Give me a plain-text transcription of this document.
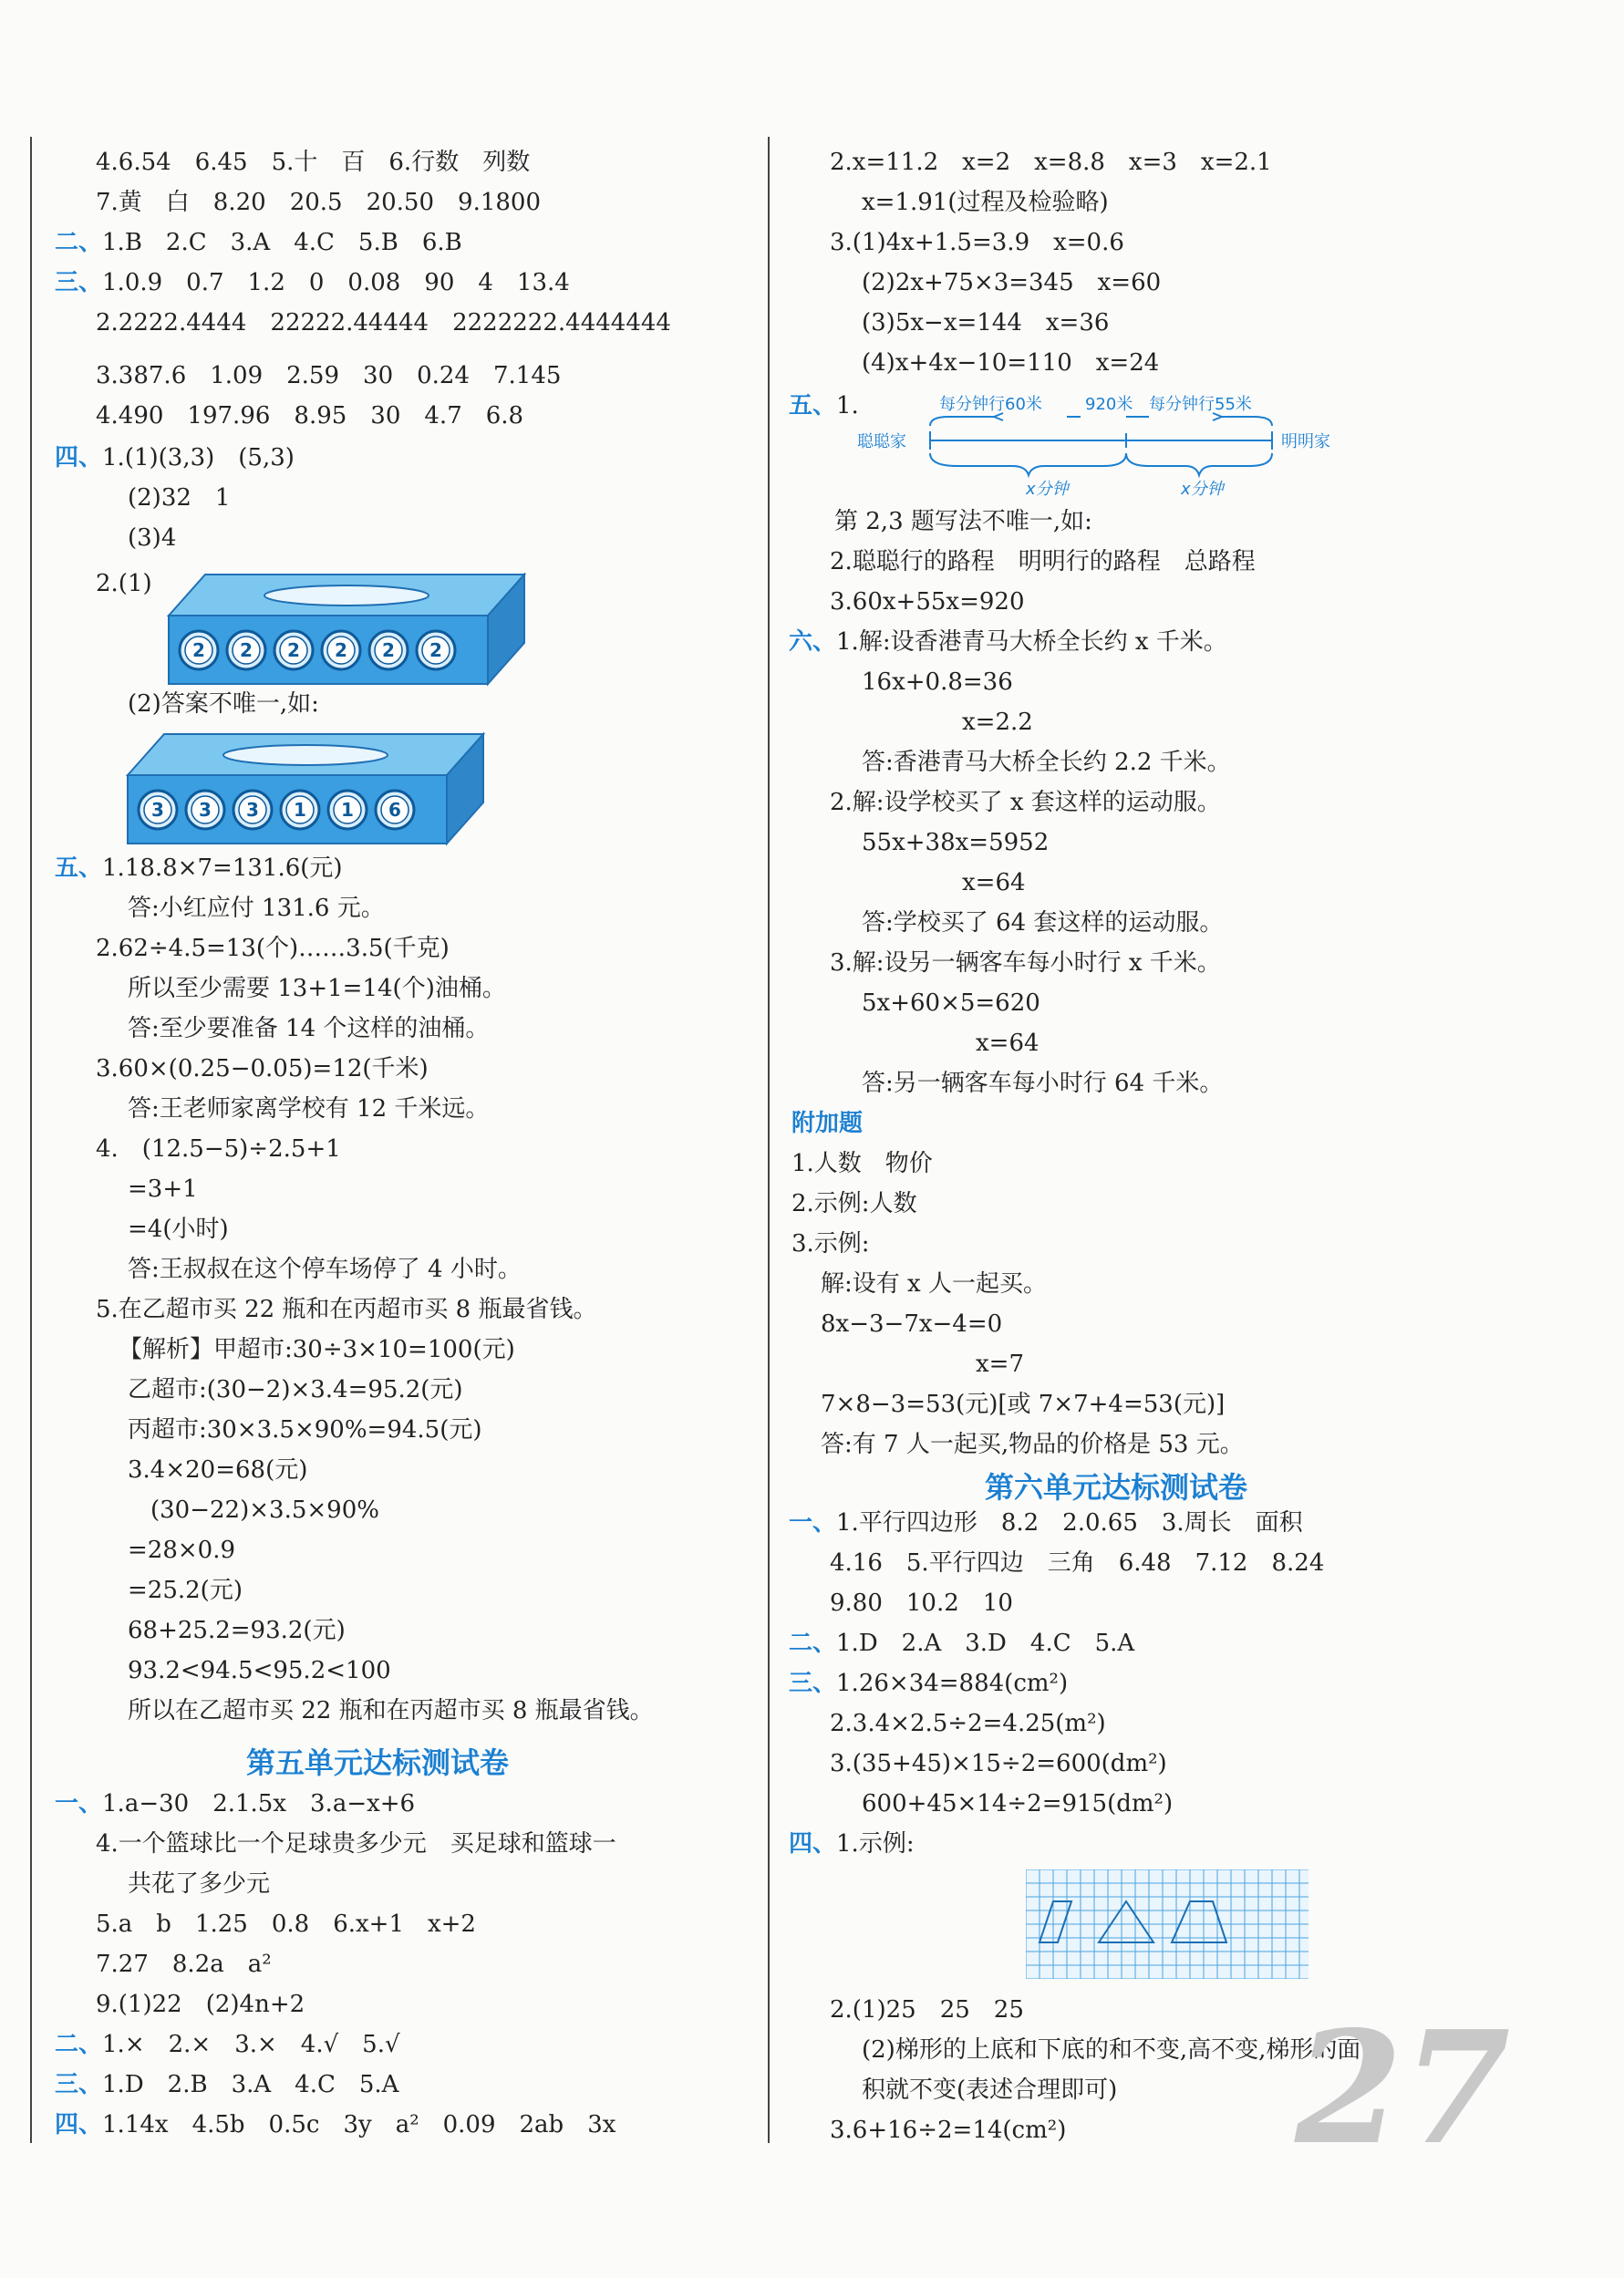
4.6.54　6.45　5.十　百　6.行数　列数
7.黄　白　8.20　20.5　20.50　9.1800
二、1.B　2.C　3.A　4.C　5.B　6.B
三、1.0.9　0.7　1.2　0　0.08　90　4　13.4
2.2222.4444　22222.44444　2222222.4444444
3.387.6　1.09　2.59　30　0.24　7.145
4.490　197.96　8.95　30　4.7　6.8
四、1.(1)(3,3)　(5,3)
(2)32　1
(3)4
2.(1)
2 2 2 2 2 2
(2)答案不唯一,如:
3 3 3 1 1 6
五、1.18.8×7=131.6(元)
答:小红应付 131.6 元。
2.62÷4.5=13(个)……3.5(千克)
所以至少需要 13+1=14(个)油桶。
答:至少要准备 14 个这样的油桶。
3.60×(0.25−0.05)=12(千米)
答:王老师家离学校有 12 千米远。
4.　(12.5−5)÷2.5+1
=3+1
=4(小时)
答:王叔叔在这个停车场停了 4 小时。
5.在乙超市买 22 瓶和在丙超市买 8 瓶最省钱。
【解析】甲超市:30÷3×10=100(元)
乙超市:(30−2)×3.4=95.2(元)
丙超市:30×3.5×90%=94.5(元)
3.4×20=68(元)
(30−22)×3.5×90%
=28×0.9
=25.2(元)
68+25.2=93.2(元)
93.2<94.5<95.2<100
所以在乙超市买 22 瓶和在丙超市买 8 瓶最省钱。
第五单元达标测试卷
一、1.a−30　2.1.5x　3.a−x+6
4.一个篮球比一个足球贵多少元　买足球和篮球一
共花了多少元
5.a　b　1.25　0.8　6.x+1　x+2
7.27　8.2a　a²
9.(1)22　(2)4n+2
二、1.×　2.×　3.×　4.√　5.√
三、1.D　2.B　3.A　4.C　5.A
四、1.14x　4.5b　0.5c　3y　a²　0.09　2ab　3x
2.x=11.2　x=2　x=8.8　x=3　x=2.1
x=1.91(过程及检验略)
3.(1)4x+1.5=3.9　x=0.6
(2)2x+75×3=345　x=60
(3)5x−x=144　x=36
(4)x+4x−10=110　x=24
五、1.
聪聪家	明明家
每分钟行60米	920米 每分钟行55米
x分钟	x分钟
第 2,3 题写法不唯一,如:
2.聪聪行的路程　明明行的路程　总路程
3.60x+55x=920
六、1.解:设香港青马大桥全长约 x 千米。
16x+0.8=36
x=2.2
答:香港青马大桥全长约 2.2 千米。
2.解:设学校买了 x 套这样的运动服。
55x+38x=5952
x=64
答:学校买了 64 套这样的运动服。
3.解:设另一辆客车每小时行 x 千米。
5x+60×5=620
x=64
答:另一辆客车每小时行 64 千米。
附加题
1.人数　物价
2.示例:人数
3.示例:
解:设有 x 人一起买。
8x−3−7x−4=0
x=7
7×8−3=53(元)[或 7×7+4=53(元)]
答:有 7 人一起买,物品的价格是 53 元。
第六单元达标测试卷
一、1.平行四边形　8.2　2.0.65　3.周长　面积
4.16　5.平行四边　三角　6.48　7.12　8.24
9.80　10.2　10
二、1.D　2.A　3.D　4.C　5.A
三、1.26×34=884(cm²)
2.3.4×2.5÷2=4.25(m²)
3.(35+45)×15÷2=600(dm²)
600+45×14÷2=915(dm²)
四、1.示例:
2.(1)25　25　25
(2)梯形的上底和下底的和不变,高不变,梯形的面
积就不变(表述合理即可)
3.6+16÷2=14(cm²) 27
